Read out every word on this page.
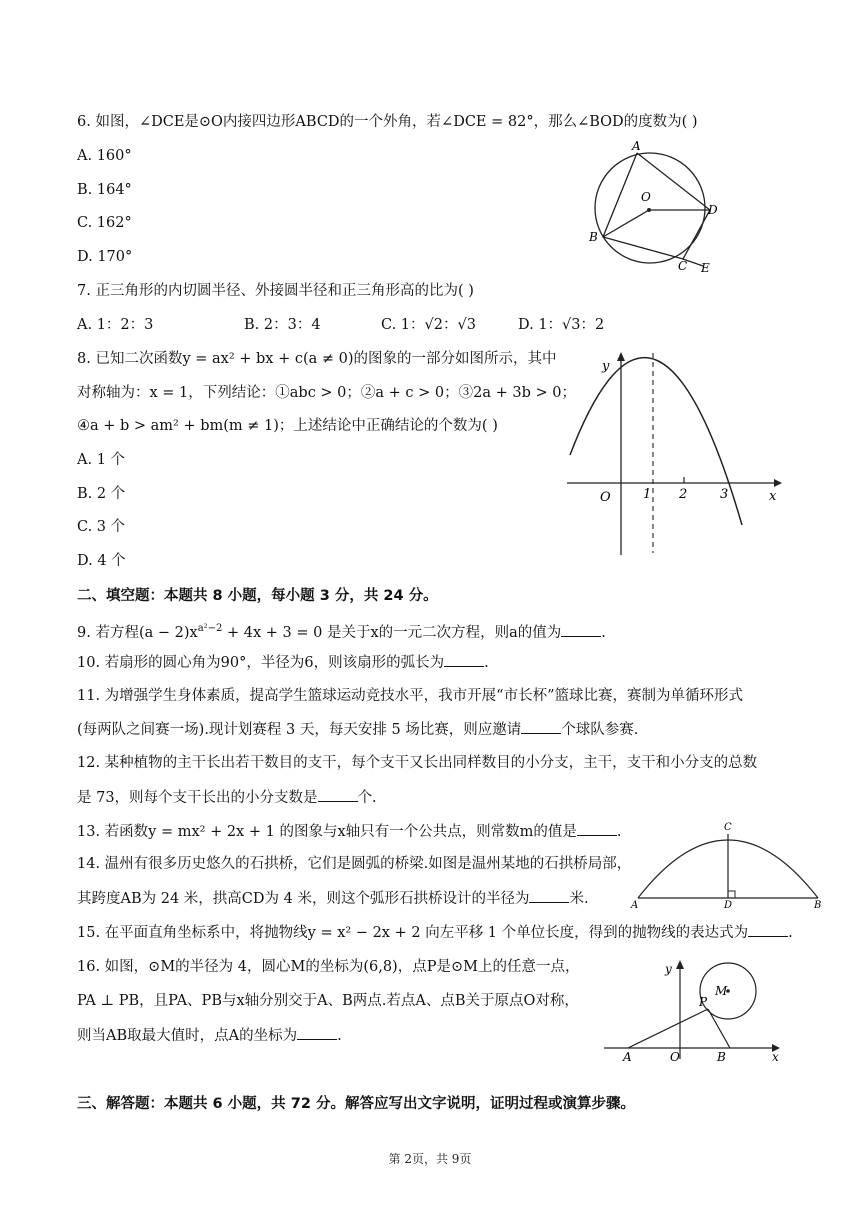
6. 如图，∠DCE是⊙O内接四边形ABCD的一个外角，若∠DCE = 82°，那么∠BOD的度数为( )
A. 160°
B. 164°
C. 162°
D. 170°
A
O
D
B
C E
7. 正三角形的内切圆半径、外接圆半径和正三角形高的比为( )
A. 1：2：3	B. 2：3：4	C. 1：√2：√3	D. 1：√3：2
8. 已知二次函数y = ax² + bx + c(a ≠ 0)的图象的一部分如图所示，其中
对称轴为：x = 1，下列结论：①abc > 0；②a + c > 0；③2a + 3b > 0；
④a + b > am² + bm(m ≠ 1)；上述结论中正确结论的个数为( )
A. 1 个
B. 2 个
C. 3 个
D. 4 个
y
x
O 1 2	3
二、填空题：本题共 8 小题，每小题 3 分，共 24 分。
9. 若方程$(a - 2)x^{a^2-2} + 4x + 3 = 0$ 是关于x的一元二次方程，则a的值为	.
10. 若扇形的圆心角为90°，半径为6，则该扇形的弧长为	.
11. 为增强学生身体素质，提高学生篮球运动竞技水平，我市开展“市长杯”篮球比赛，赛制为单循环形式
(每两队之间赛一场).现计划赛程 3 天，每天安排 5 场比赛，则应邀请	个球队参赛.
12. 某种植物的主干长出若干数目的支干，每个支干又长出同样数目的小分支，主干，支干和小分支的总数
是 73，则每个支干长出的小分支数是	个.
13. 若函数y = mx² + 2x + 1 的图象与x轴只有一个公共点，则常数m的值是	.
14. 温州有很多历史悠久的石拱桥，它们是圆弧的桥梁.如图是温州某地的石拱桥局部，
其跨度AB为 24 米，拱高CD为 4 米，则这个弧形石拱桥设计的半径为	米.
C
A	D	B
15. 在平面直角坐标系中，将抛物线y = x² − 2x + 2 向左平移 1 个单位长度，得到的抛物线的表达式为	.
16. 如图，⊙M的半径为 4，圆心M的坐标为(6,8)，点P是⊙M上的任意一点，
PA ⊥ PB，且PA、PB与x轴分别交于A、B两点.若点A、点B关于原点O对称，
则当AB取最大值时，点A的坐标为	.
y
M
P
A	O	B	x
三、解答题：本题共 6 小题，共 72 分。解答应写出文字说明，证明过程或演算步骤。
第 2页，共 9页
